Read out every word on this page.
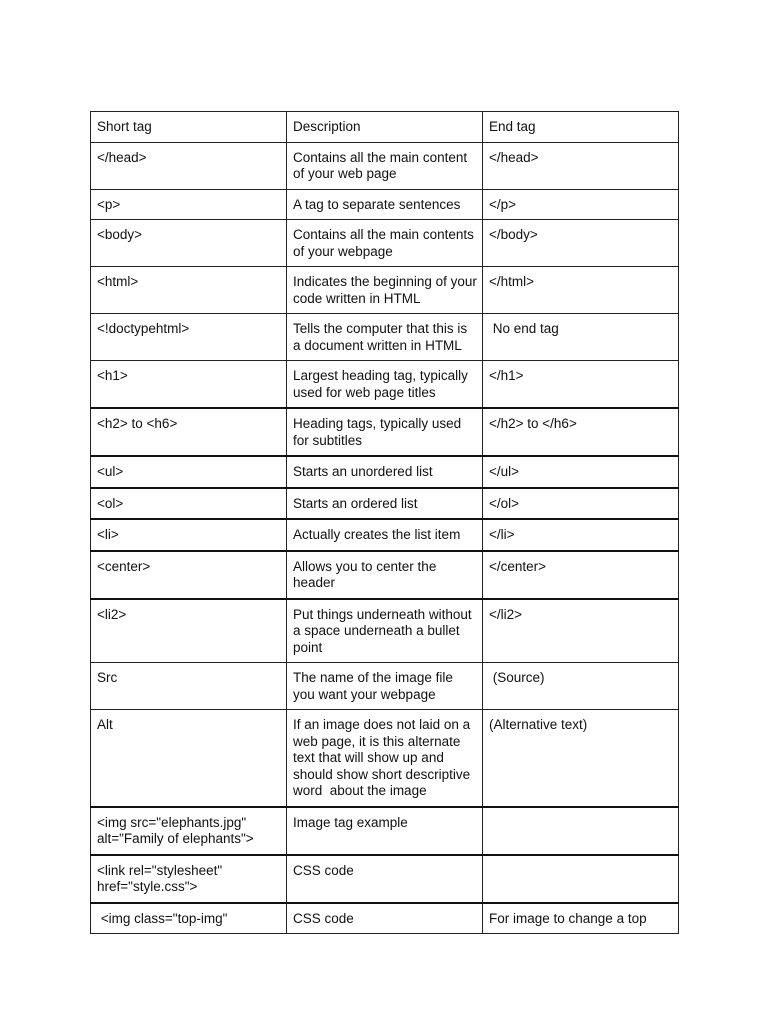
Short tag	Description	End tag
</head>	Contains all the main content of your web page	</head>
<p>	A tag to separate sentences	</p>
<body>	Contains all the main contents of your webpage	</body>
<html>	Indicates the beginning of your code written in HTML	</html>
<!doctypehtml>	Tells the computer that this is a document written in HTML	No end tag
<h1>	Largest heading tag, typically used for web page titles	</h1>
<h2> to <h6>	Heading tags, typically used for subtitles	</h2> to </h6>
<ul>	Starts an unordered list	</ul>
<ol>	Starts an ordered list	</ol>
<li>	Actually creates the list item	</li>
<center>	Allows you to center the header	</center>
<li2>	Put things underneath without a space underneath a bullet point	</li2>
Src	The name of the image file you want your webpage	(Source)
Alt	If an image does not laid on a web page, it is this alternate text that will show up and should show short descriptive word  about the image	(Alternative text)
<img src="elephants.jpg" alt="Family of elephants">	Image tag example	
<link rel="stylesheet" href="style.css">	CSS code	
<img class="top-img"	CSS code	For image to change a top
